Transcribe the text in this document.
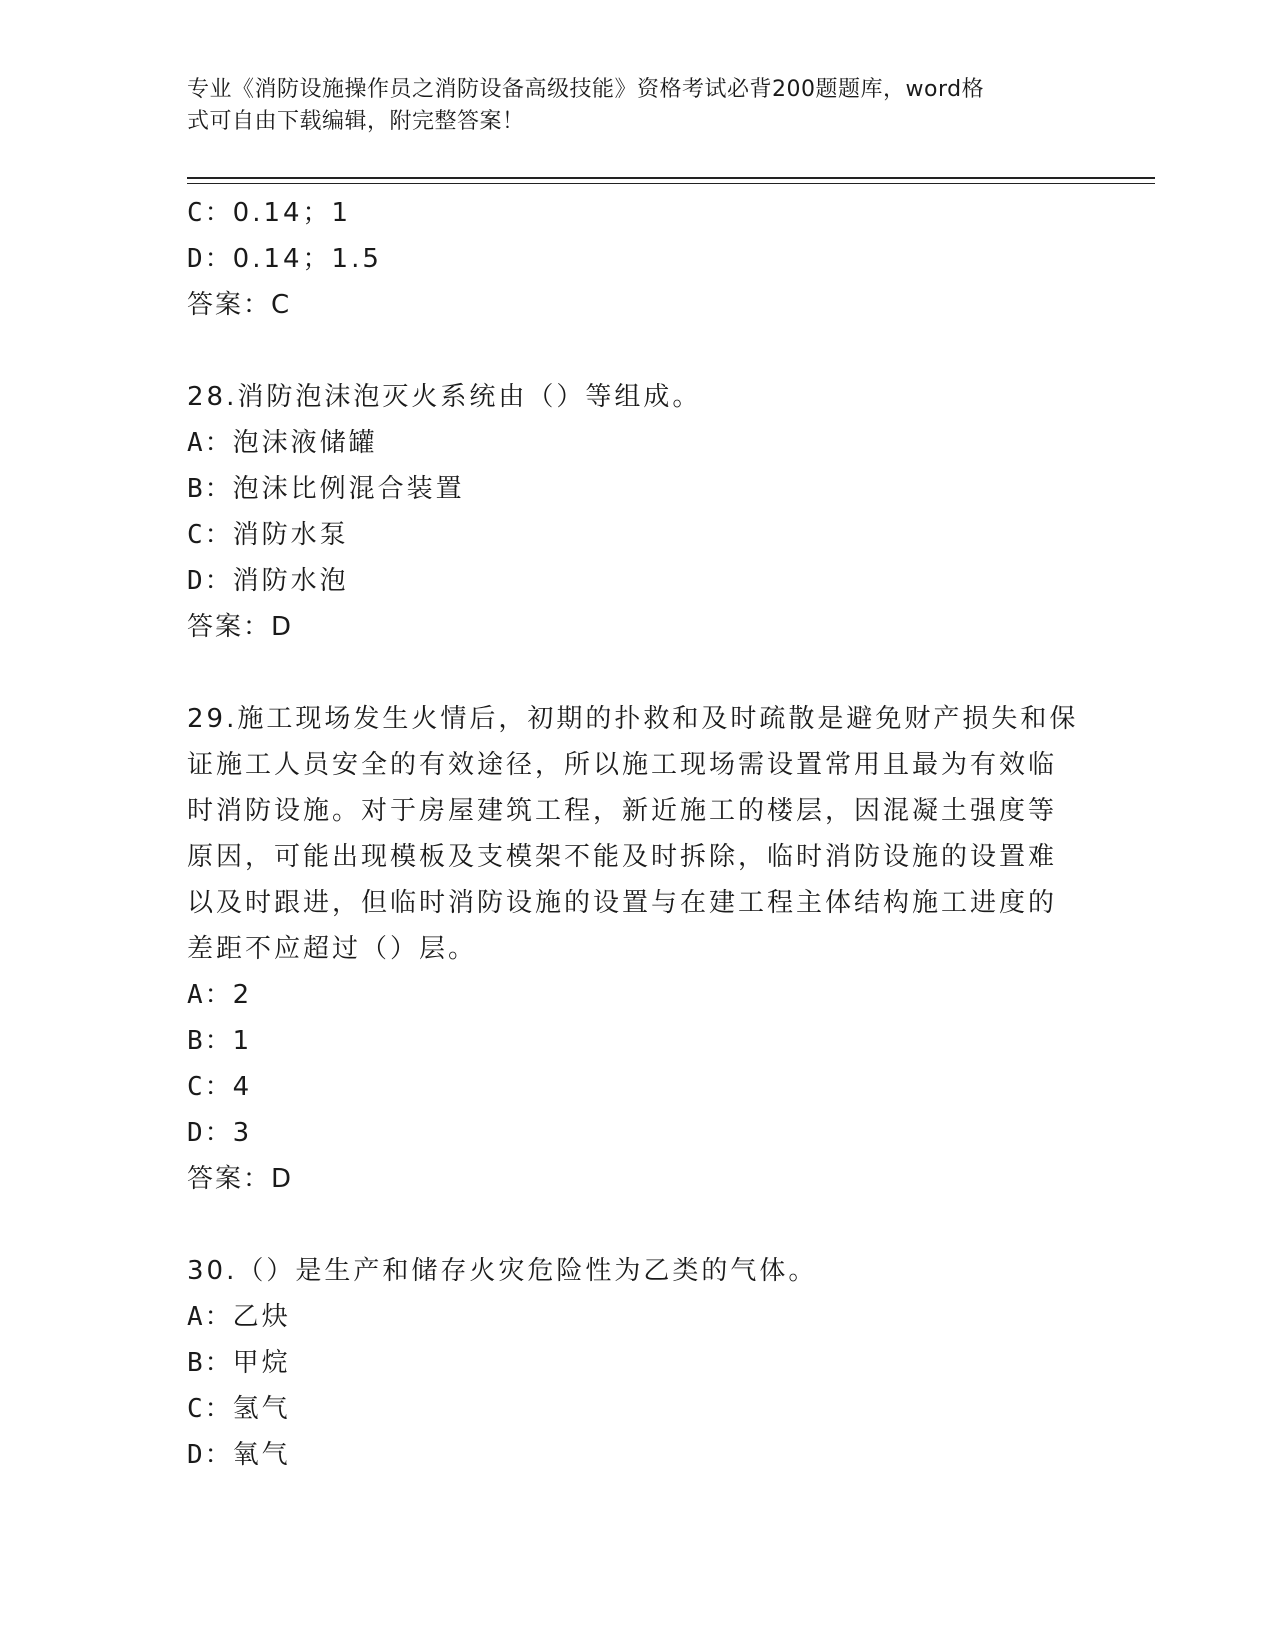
专业《消防设施操作员之消防设备高级技能》资格考试必背200题题库，word格
式可自由下载编辑，附完整答案！
C：0.14；1
D：0.14；1.5
答案：C
28.消防泡沫泡灭火系统由（）等组成。
A：泡沫液储罐
B：泡沫比例混合装置
C：消防水泵
D：消防水泡
答案：D
29.施工现场发生火情后，初期的扑救和及时疏散是避免财产损失和保
证施工人员安全的有效途径，所以施工现场需设置常用且最为有效临
时消防设施。对于房屋建筑工程，新近施工的楼层，因混凝土强度等
原因，可能出现模板及支模架不能及时拆除，临时消防设施的设置难
以及时跟进，但临时消防设施的设置与在建工程主体结构施工进度的
差距不应超过（）层。
A：2
B：1
C：4
D：3
答案：D
30.（）是生产和储存火灾危险性为乙类的气体。
A：乙炔
B：甲烷
C：氢气
D：氧气
